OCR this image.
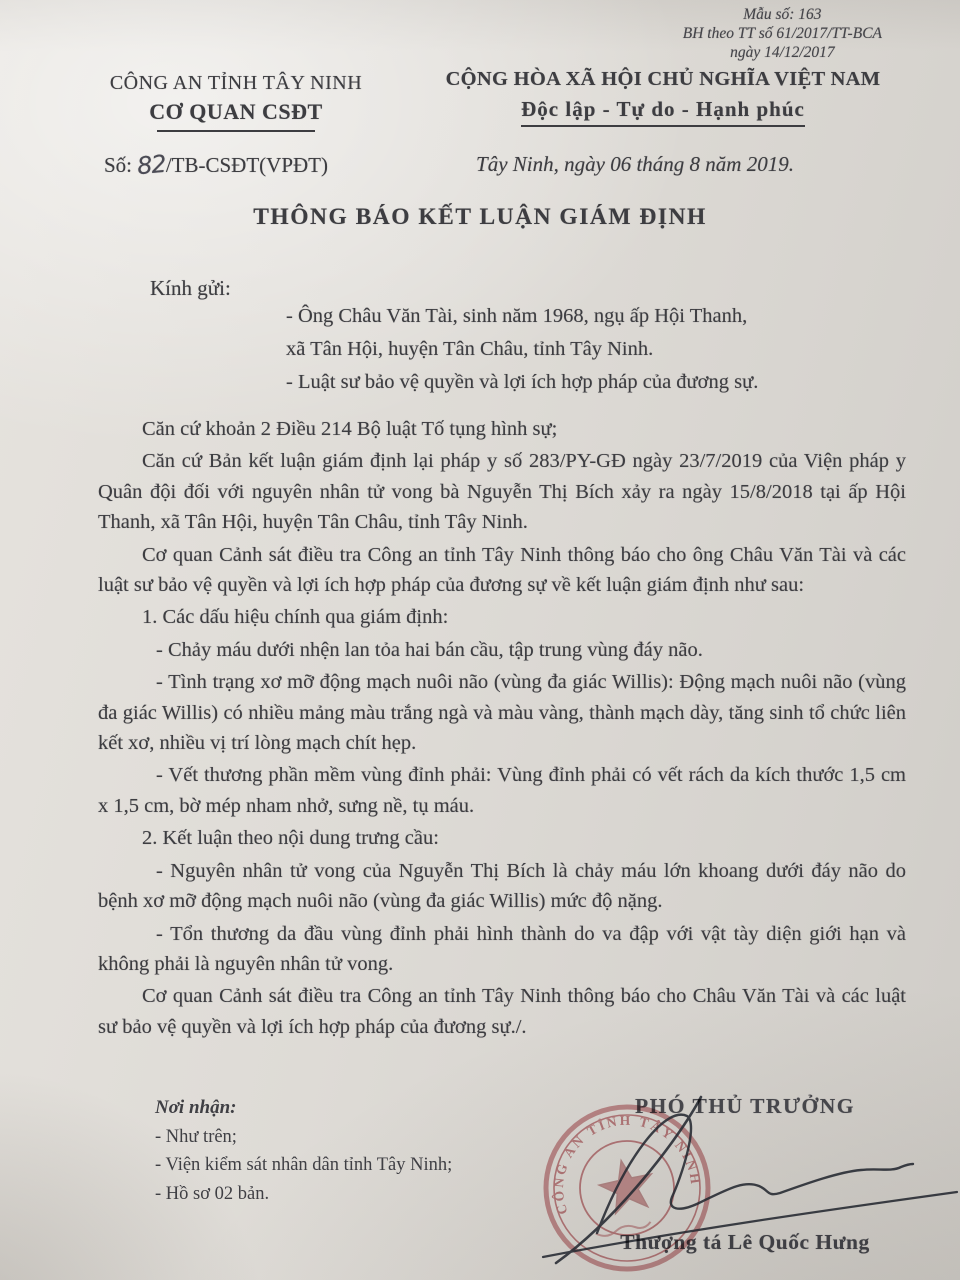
Mẫu số: 163
BH theo TT số 61/2017/TT-BCA
ngày 14/12/2017
CÔNG AN TỈNH TÂY NINH
CƠ QUAN CSĐT
CỘNG HÒA XÃ HỘI CHỦ NGHĨA VIỆT NAM
Độc lập - Tự do - Hạnh phúc
Số: 82/TB-CSĐT(VPĐT)	Tây Ninh, ngày 06 tháng 8 năm 2019.
THÔNG BÁO KẾT LUẬN GIÁM ĐỊNH
Kính gửi:
- Ông Châu Văn Tài, sinh năm 1968, ngụ ấp Hội Thanh,
xã Tân Hội, huyện Tân Châu, tỉnh Tây Ninh.
- Luật sư bảo vệ quyền và lợi ích hợp pháp của đương sự.

Căn cứ khoản 2 Điều 214 Bộ luật Tố tụng hình sự;

Căn cứ Bản kết luận giám định lại pháp y số 283/PY-GĐ ngày 23/7/2019 của Viện pháp y Quân đội đối với nguyên nhân tử vong bà Nguyễn Thị Bích xảy ra ngày 15/8/2018 tại ấp Hội Thanh, xã Tân Hội, huyện Tân Châu, tỉnh Tây Ninh.

Cơ quan Cảnh sát điều tra Công an tỉnh Tây Ninh thông báo cho ông Châu Văn Tài và các luật sư bảo vệ quyền và lợi ích hợp pháp của đương sự về kết luận giám định như sau:

1. Các dấu hiệu chính qua giám định:

- Chảy máu dưới nhện lan tỏa hai bán cầu, tập trung vùng đáy não.

- Tình trạng xơ mỡ động mạch nuôi não (vùng đa giác Willis): Động mạch nuôi não (vùng đa giác Willis) có nhiều mảng màu trắng ngà và màu vàng, thành mạch dày, tăng sinh tổ chức liên kết xơ, nhiều vị trí lòng mạch chít hẹp.

- Vết thương phần mềm vùng đỉnh phải: Vùng đỉnh phải có vết rách da kích thước 1,5 cm x 1,5 cm, bờ mép nham nhở, sưng nề, tụ máu.

2. Kết luận theo nội dung trưng cầu:

- Nguyên nhân tử vong của Nguyễn Thị Bích là chảy máu lớn khoang dưới đáy não do bệnh xơ mỡ động mạch nuôi não (vùng đa giác Willis) mức độ nặng.

- Tổn thương da đầu vùng đỉnh phải hình thành do va đập với vật tày diện giới hạn và không phải là nguyên nhân tử vong.

Cơ quan Cảnh sát điều tra Công an tỉnh Tây Ninh thông báo cho Châu Văn Tài và các luật sư bảo vệ quyền và lợi ích hợp pháp của đương sự./.

Nơi nhận:
- Như trên;
- Viện kiểm sát nhân dân tỉnh Tây Ninh;
- Hồ sơ 02 bản.
PHÓ THỦ TRƯỞNG
Thượng tá Lê Quốc Hưng
CÔNG AN TỈNH TÂY NINH
